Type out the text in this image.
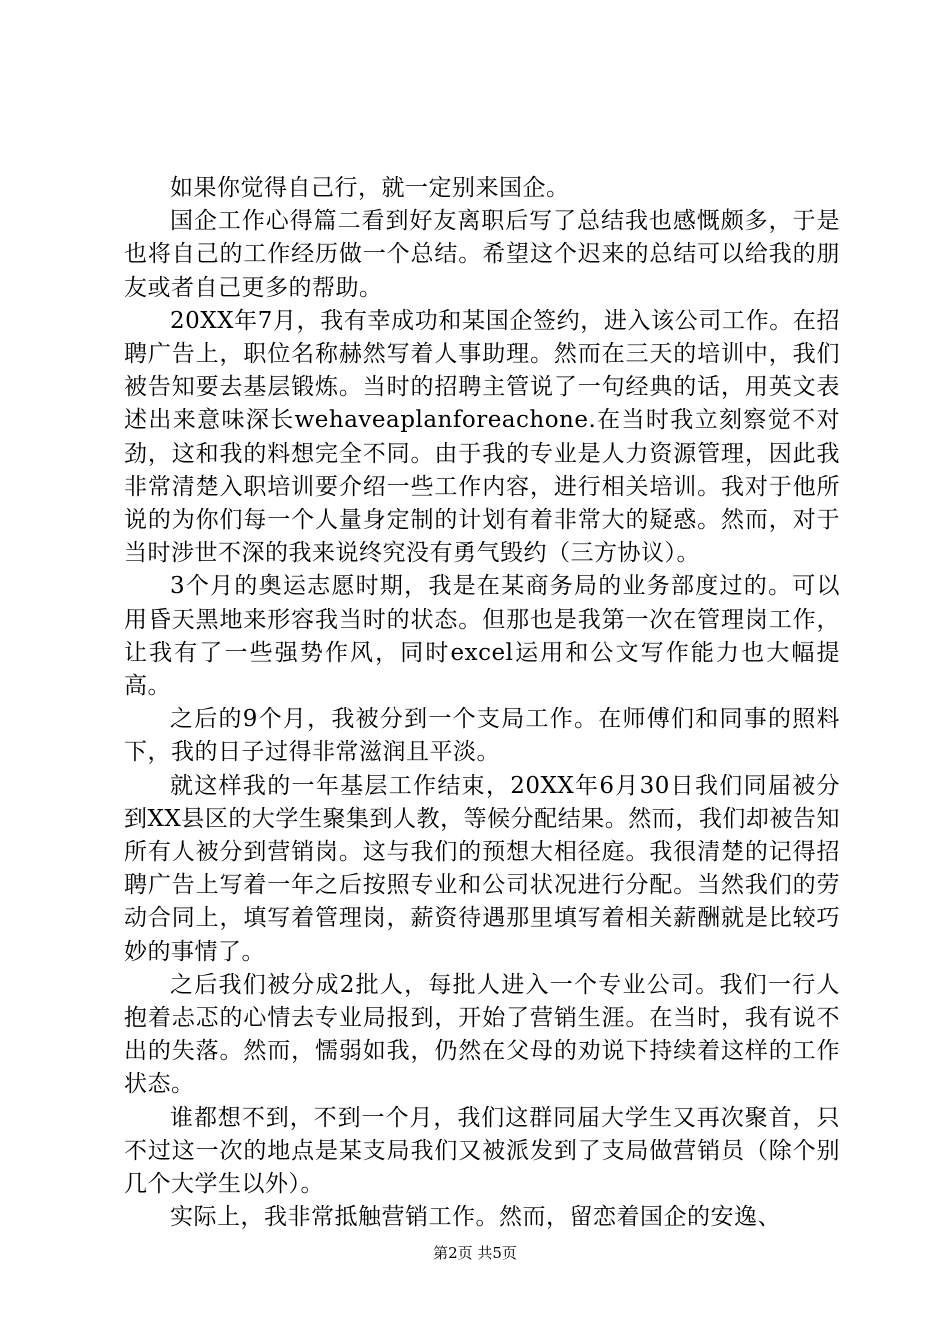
如果你觉得自己行，就一定别来国企。

国企工作心得篇二看到好友离职后写了总结我也感慨颇多，于是也将自己的工作经历做一个总结。希望这个迟来的总结可以给我的朋友或者自己更多的帮助。

20XX年7月，我有幸成功和某国企签约，进入该公司工作。在招聘广告上，职位名称赫然写着人事助理。然而在三天的培训中，我们被告知要去基层锻炼。当时的招聘主管说了一句经典的话，用英文表述出来意味深长wehaveaplanforeachone.在当时我立刻察觉不对劲，这和我的料想完全不同。由于我的专业是人力资源管理，因此我非常清楚入职培训要介绍一些工作内容，进行相关培训。我对于他所说的为你们每一个人量身定制的计划有着非常大的疑惑。然而，对于当时涉世不深的我来说终究没有勇气毁约（三方协议）。

3个月的奥运志愿时期，我是在某商务局的业务部度过的。可以用昏天黑地来形容我当时的状态。但那也是我第一次在管理岗工作，让我有了一些强势作风，同时excel运用和公文写作能力也大幅提高。

之后的9个月，我被分到一个支局工作。在师傅们和同事的照料下，我的日子过得非常滋润且平淡。

就这样我的一年基层工作结束，20XX年6月30日我们同届被分到XX县区的大学生聚集到人教，等候分配结果。然而，我们却被告知所有人被分到营销岗。这与我们的预想大相径庭。我很清楚的记得招聘广告上写着一年之后按照专业和公司状况进行分配。当然我们的劳动合同上，填写着管理岗，薪资待遇那里填写着相关薪酬就是比较巧妙的事情了。

之后我们被分成2批人，每批人进入一个专业公司。我们一行人抱着忐忑的心情去专业局报到，开始了营销生涯。在当时，我有说不出的失落。然而，懦弱如我，仍然在父母的劝说下持续着这样的工作状态。

谁都想不到，不到一个月，我们这群同届大学生又再次聚首，只不过这一次的地点是某支局我们又被派发到了支局做营销员（除个别几个大学生以外）。

实际上，我非常抵触营销工作。然而，留恋着国企的安逸、

第2页 共5页
